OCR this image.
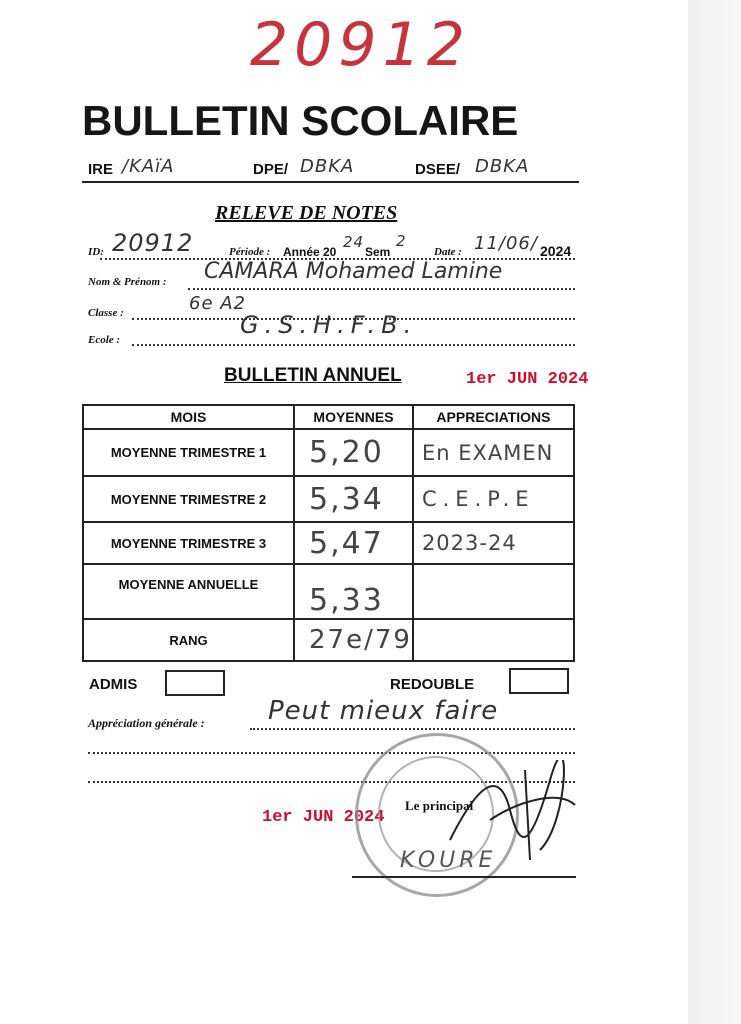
20912
BULLETIN SCOLAIRE
IRE /KAïA	DPE/ DBKA	DSEE/ DBKA
RELEVE DE NOTES
ID: 20912	Période : Année 20
24
Sem
2
Date : 11/06/ 2024
Nom & Prénom : CAMARA Mohamed Lamine
Classe :	6e A2
Ecole :
G.S.H.F.B.
BULLETIN ANNUEL	1er JUN 2024
MOIS	MOYENNES	APPRECIATIONS
MOYENNE TRIMESTRE 1	5,20	En EXAMEN
MOYENNE TRIMESTRE 2	5,34	C.E.P.E
MOYENNE TRIMESTRE 3	5,47	2023-24
MOYENNE ANNUELLE	5,33	
RANG	27e/79	
ADMIS	REDOUBLE
Appréciation générale : Peut mieux faire
1er JUN 2024
Le principal
KOURE
